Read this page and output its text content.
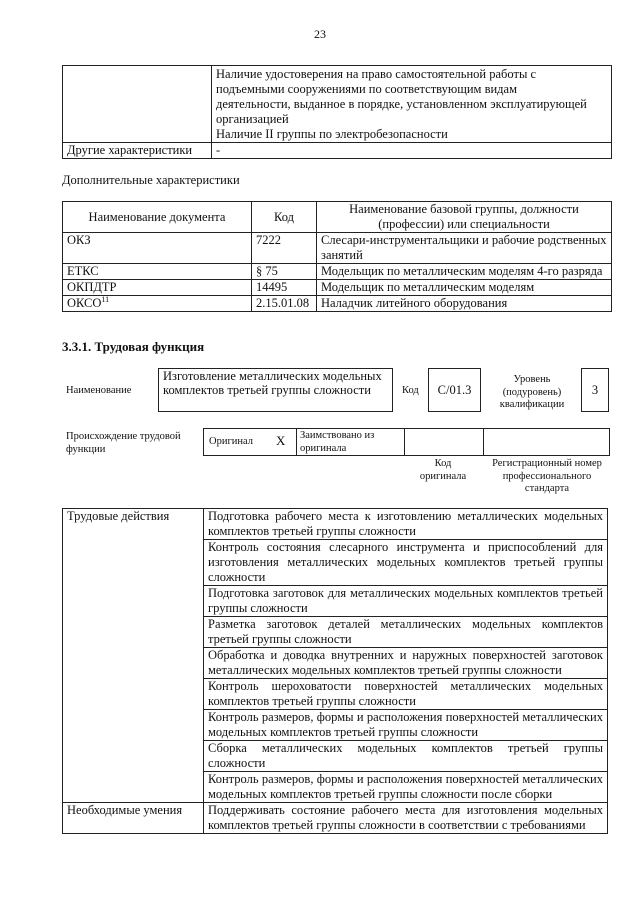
23

	Наличие удостоверения на право самостоятельной работы с
подъемными сооружениями по соответствующим видам
деятельности, выданное в порядке, установленном эксплуатирующей
организацией
Наличие II группы по электробезопасности

Другие характеристики	-
Дополнительные характеристики
Наименование документа	Код	Наименование базовой группы, должности (профессии) или специальности
ОКЗ	7222	Слесари-инструментальщики и рабочие родственных занятий
ЕТКС	§ 75	Модельщик по металлическим моделям 4-го разряда
ОКПДТР	14495	Модельщик по металлическим моделям
ОКСО$^{11}$	2.15.01.08	Наладчик литейного оборудования
3.3.1. Трудовая функция
Наименование
Изготовление металлических модельных комплектов третьей группы сложности	Код	C/01.3
Уровень (подуровень) квалификации
3
Происхождение трудовой функции
Оригинал X Заимствовано из оригинала
Код оригинала
Регистрационный номер профессионального стандарта
Трудовые действия	Подготовка рабочего места к изготовлению металлических модельных комплектов третьей группы сложности
	Контроль состояния слесарного инструмента и приспособлений для изготовления металлических модельных комплектов третьей группы сложности
	Подготовка заготовок для металлических модельных комплектов третьей группы сложности
	Разметка заготовок деталей металлических модельных комплектов третьей группы сложности
	Обработка и доводка внутренних и наружных поверхностей заготовок металлических модельных комплектов третьей группы сложности
	Контроль шероховатости поверхностей металлических модельных комплектов третьей группы сложности
	Контроль размеров, формы и расположения поверхностей металлических модельных комплектов третьей группы сложности
	Сборка металлических модельных комплектов третьей группы сложности
	Контроль размеров, формы и расположения поверхностей металлических модельных комплектов третьей группы сложности после сборки
Необходимые умения	Поддерживать состояние рабочего места для изготовления модельных комплектов третьей группы сложности в соответствии с требованиями
